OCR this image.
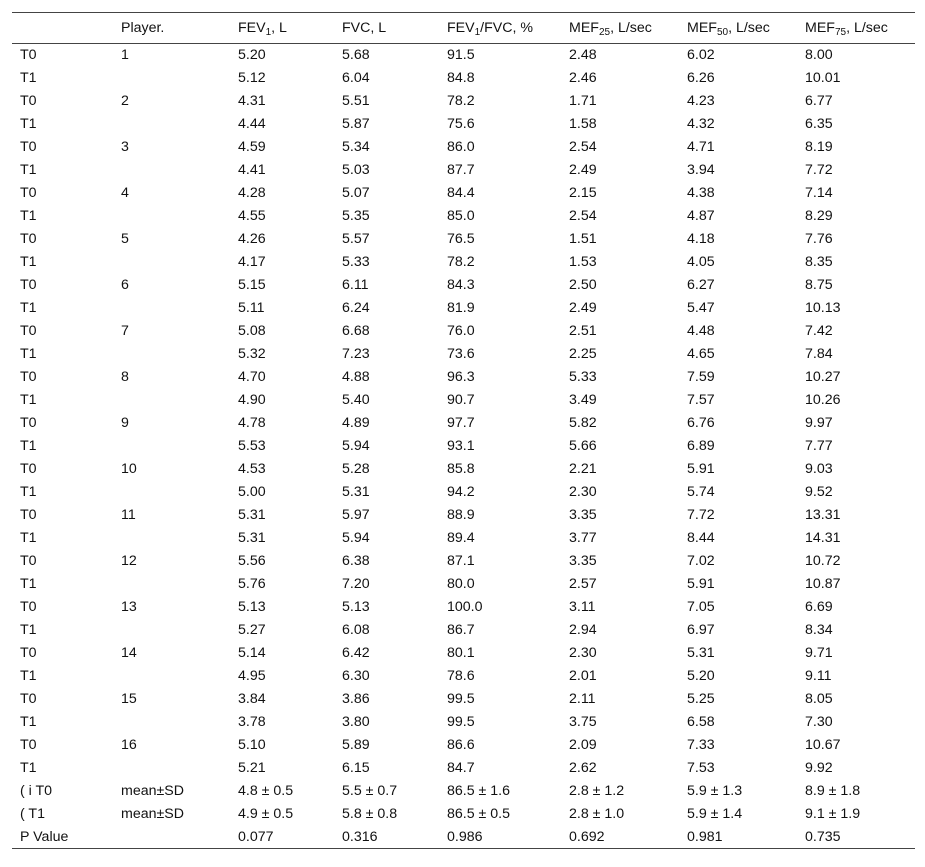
	Player.	$FEV_1$, L	FVC, L	$FEV_1$/FVC, %	$MEF_{25}$, L/sec	$MEF_{50}$, L/sec	$MEF_{75}$, L/sec
T0	1	5.20	5.68	91.5	2.48	6.02	8.00
T1		5.12	6.04	84.8	2.46	6.26	10.01
T0	2	4.31	5.51	78.2	1.71	4.23	6.77
T1		4.44	5.87	75.6	1.58	4.32	6.35
T0	3	4.59	5.34	86.0	2.54	4.71	8.19
T1		4.41	5.03	87.7	2.49	3.94	7.72
T0	4	4.28	5.07	84.4	2.15	4.38	7.14
T1		4.55	5.35	85.0	2.54	4.87	8.29
T0	5	4.26	5.57	76.5	1.51	4.18	7.76
T1		4.17	5.33	78.2	1.53	4.05	8.35
T0	6	5.15	6.11	84.3	2.50	6.27	8.75
T1		5.11	6.24	81.9	2.49	5.47	10.13
T0	7	5.08	6.68	76.0	2.51	4.48	7.42
T1		5.32	7.23	73.6	2.25	4.65	7.84
T0	8	4.70	4.88	96.3	5.33	7.59	10.27
T1		4.90	5.40	90.7	3.49	7.57	10.26
T0	9	4.78	4.89	97.7	5.82	6.76	9.97
T1		5.53	5.94	93.1	5.66	6.89	7.77
T0	10	4.53	5.28	85.8	2.21	5.91	9.03
T1		5.00	5.31	94.2	2.30	5.74	9.52
T0	11	5.31	5.97	88.9	3.35	7.72	13.31
T1		5.31	5.94	89.4	3.77	8.44	14.31
T0	12	5.56	6.38	87.1	3.35	7.02	10.72
T1		5.76	7.20	80.0	2.57	5.91	10.87
T0	13	5.13	5.13	100.0	3.11	7.05	6.69
T1		5.27	6.08	86.7	2.94	6.97	8.34
T0	14	5.14	6.42	80.1	2.30	5.31	9.71
T1		4.95	6.30	78.6	2.01	5.20	9.11
T0	15	3.84	3.86	99.5	2.11	5.25	8.05
T1		3.78	3.80	99.5	3.75	6.58	7.30
T0	16	5.10	5.89	86.6	2.09	7.33	10.67
T1		5.21	6.15	84.7	2.62	7.53	9.92
( i T0	mean±SD	4.8 ± 0.5	5.5 ± 0.7	86.5 ± 1.6	2.8 ± 1.2	5.9 ± 1.3	8.9 ± 1.8
( T1	mean±SD	4.9 ± 0.5	5.8 ± 0.8	86.5 ± 0.5	2.8 ± 1.0	5.9 ± 1.4	9.1 ± 1.9
P Value		0.077	0.316	0.986	0.692	0.981	0.735
